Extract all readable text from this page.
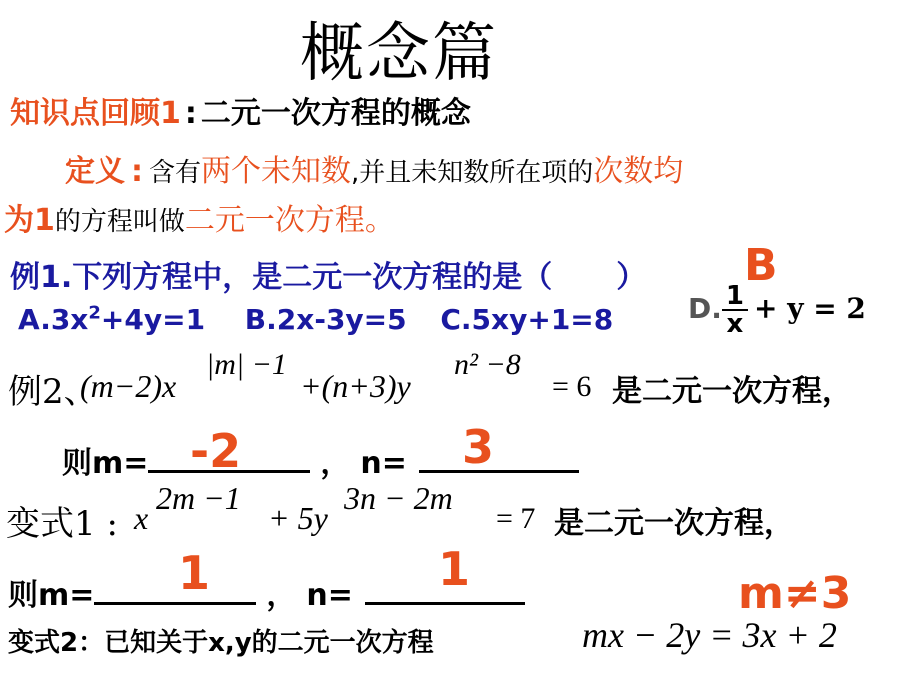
概念篇
知识点回顾1 : 二元一次方程的概念
定义 : 含有两个未知数,并且未知数所在项的次数均
为1的方程叫做二元一次方程。
例1.下列方程中，是二元一次方程的是（ ） B
$A.3x^2+4y=1$ B.2x-3y=5 C.5xy+1=8	D. $\frac{1}{x} + y = 2$
例2、
(m−2)x
|m| −1
+(n+3)y
n² −8
= 6 是二元一次方程，
则m=	， n=
-2	3
变式1 : x
2m −1
+ 5y
3n − 2m
= 7 是二元一次方程，
则m=	， n=
1	1	m≠3
变式2：已知关于x,y的二元一次方程	mx − 2y = 3x + 2
